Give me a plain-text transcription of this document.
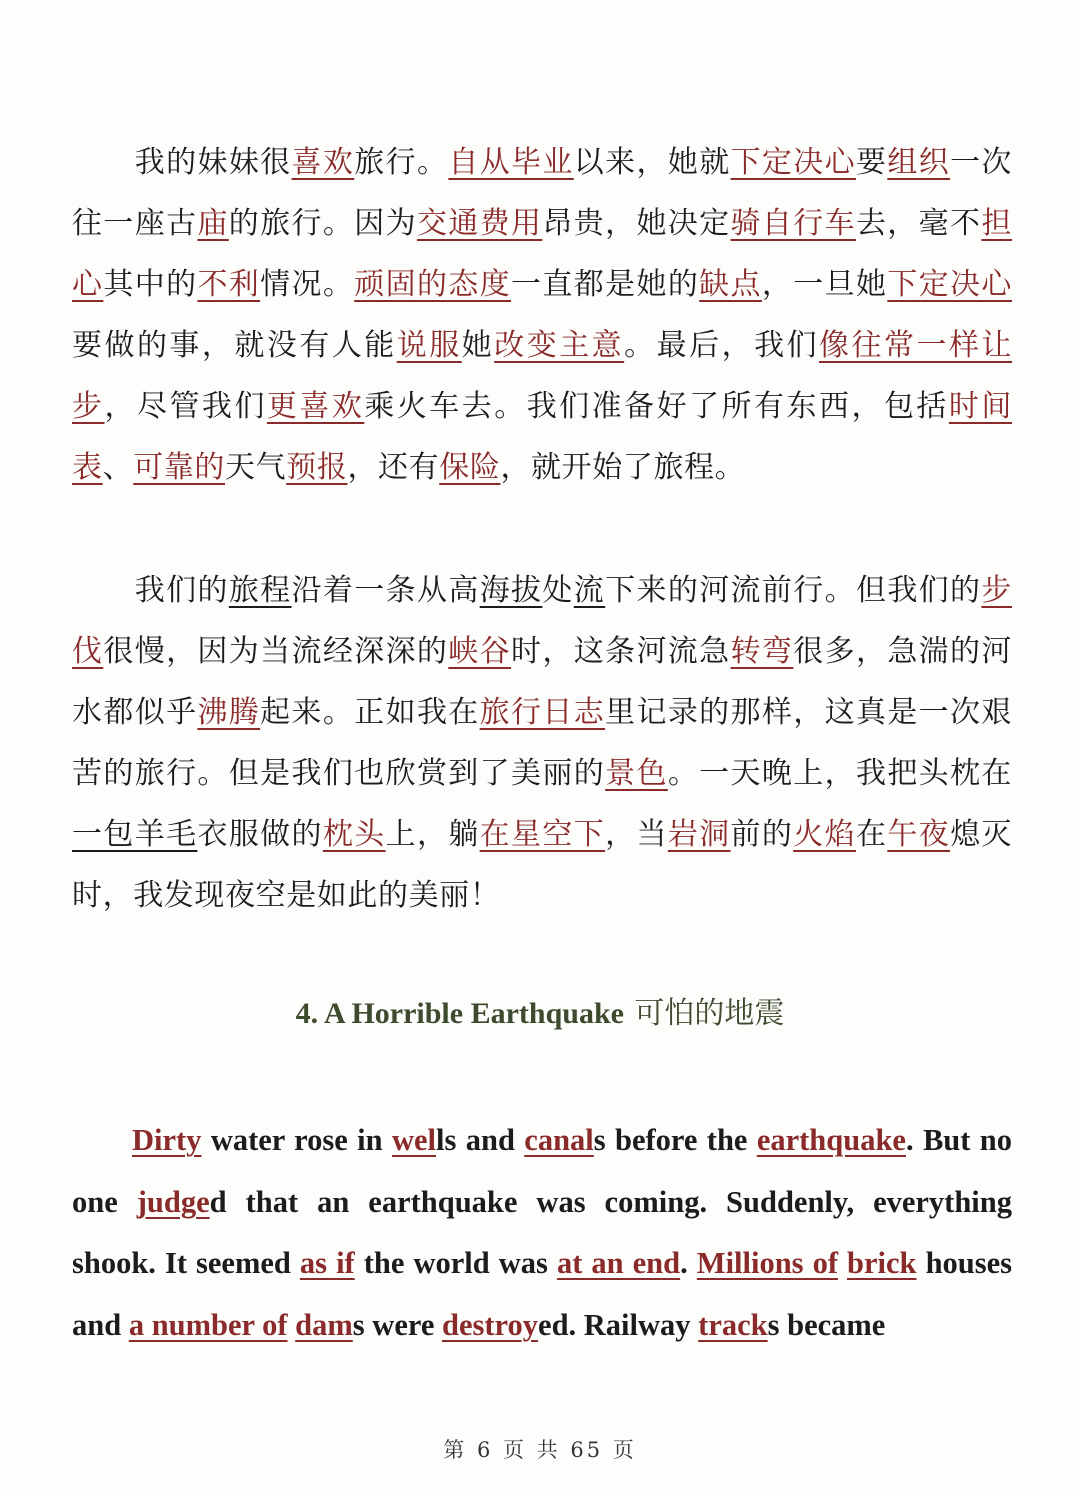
我的妹妹很喜欢旅行。自从毕业以来，她就下定决心要组织一次往一座古庙的旅行。因为交通费用昂贵，她决定骑自行车去，毫不担心其中的不利情况。顽固的态度一直都是她的缺点，一旦她下定决心要做的事，就没有人能说服她改变主意。最后，我们像往常一样让步，尽管我们更喜欢乘火车去。我们准备好了所有东西，包括时间表、可靠的天气预报，还有保险，就开始了旅程。

我们的旅程沿着一条从高海拔处流下来的河流前行。但我们的步伐很慢，因为当流经深深的峡谷时，这条河流急转弯很多，急湍的河水都似乎沸腾起来。正如我在旅行日志里记录的那样，这真是一次艰苦的旅行。但是我们也欣赏到了美丽的景色。一天晚上，我把头枕在一包羊毛衣服做的枕头上，躺在星空下，当岩洞前的火焰在午夜熄灭时，我发现夜空是如此的美丽！

4. A Horrible Earthquake 可怕的地震

Dirty water rose in wells and canals before the earthquake. But no one judged that an earthquake was coming. Suddenly, everything shook. It seemed as if the world was at an end. Millions of brick houses and a number of dams were destroyed. Railway tracks became

第 6 页 共 65 页
